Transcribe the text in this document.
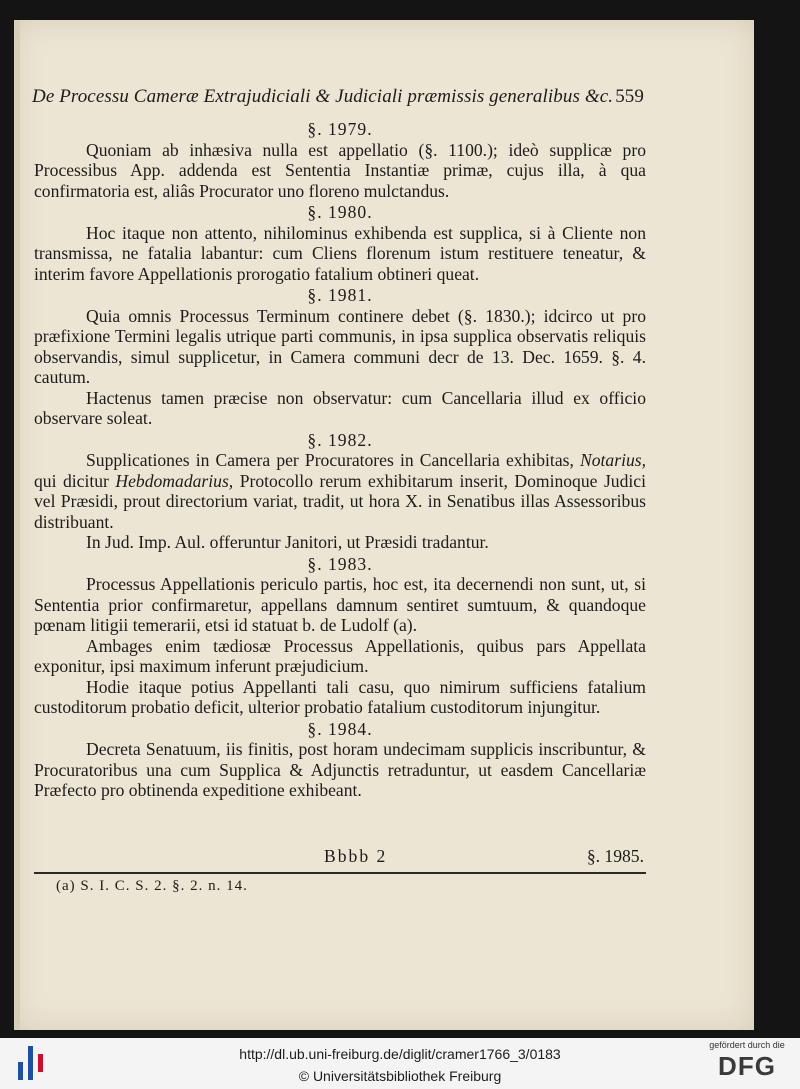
De Processu Cameræ Extrajudiciali & Judiciali præmissis generalibus &c. 559
§. 1979.

Quoniam ab inhæsiva nulla est appellatio (§. 1100.); ideò supplicæ pro Processibus App. addenda est Sententia Instantiæ primæ, cujus illa, à qua confirmatoria est, aliâs Procurator uno floreno mulctandus.

§. 1980.

Hoc itaque non attento, nihilominus exhibenda est supplica, si à Cliente non transmissa, ne fatalia labantur: cum Cliens florenum istum restituere teneatur, & interim favore Appellationis prorogatio fatalium obtineri queat.

§. 1981.

Quia omnis Processus Terminum continere debet (§. 1830.); idcirco ut pro præfixione Termini legalis utrique parti communis, in ipsa supplica observatis reliquis observandis, simul supplicetur, in Camera communi decr de 13. Dec. 1659. §. 4. cautum.

Hactenus tamen præcise non observatur: cum Cancellaria illud ex officio observare soleat.

§. 1982.

Supplicationes in Camera per Procuratores in Cancellaria exhibitas, Notarius, qui dicitur Hebdomadarius, Protocollo rerum exhibitarum inserit, Dominoque Judici vel Præsidi, prout directorium variat, tradit, ut hora X. in Senatibus illas Assessoribus distribuant.

In Jud. Imp. Aul. offeruntur Janitori, ut Præsidi tradantur.

§. 1983.

Processus Appellationis periculo partis, hoc est, ita decernendi non sunt, ut, si Sententia prior confirmaretur, appellans damnum sentiret sumtuum, & quandoque pœnam litigii temerarii, etsi id statuat b. de Ludolf (a).

Ambages enim tædiosæ Processus Appellationis, quibus pars Appellata exponitur, ipsi maximum inferunt præjudicium.

Hodie itaque potius Appellanti tali casu, quo nimirum sufficiens fatalium custoditorum probatio deficit, ulterior probatio fatalium custoditorum injungitur.

§. 1984.

Decreta Senatuum, iis finitis, post horam undecimam supplicis inscribuntur, & Procuratoribus una cum Supplica & Adjunctis retraduntur, ut easdem Cancellariæ Præfecto pro obtinenda expeditione exhibeant.

Bbbb 2	§. 1985.
(a) S. I. C. S. 2. §. 2. n. 14.
http://dl.ub.uni-freiburg.de/diglit/cramer1766_3/0183
© Universitätsbibliothek Freiburg
gefördert durch die
DFG
